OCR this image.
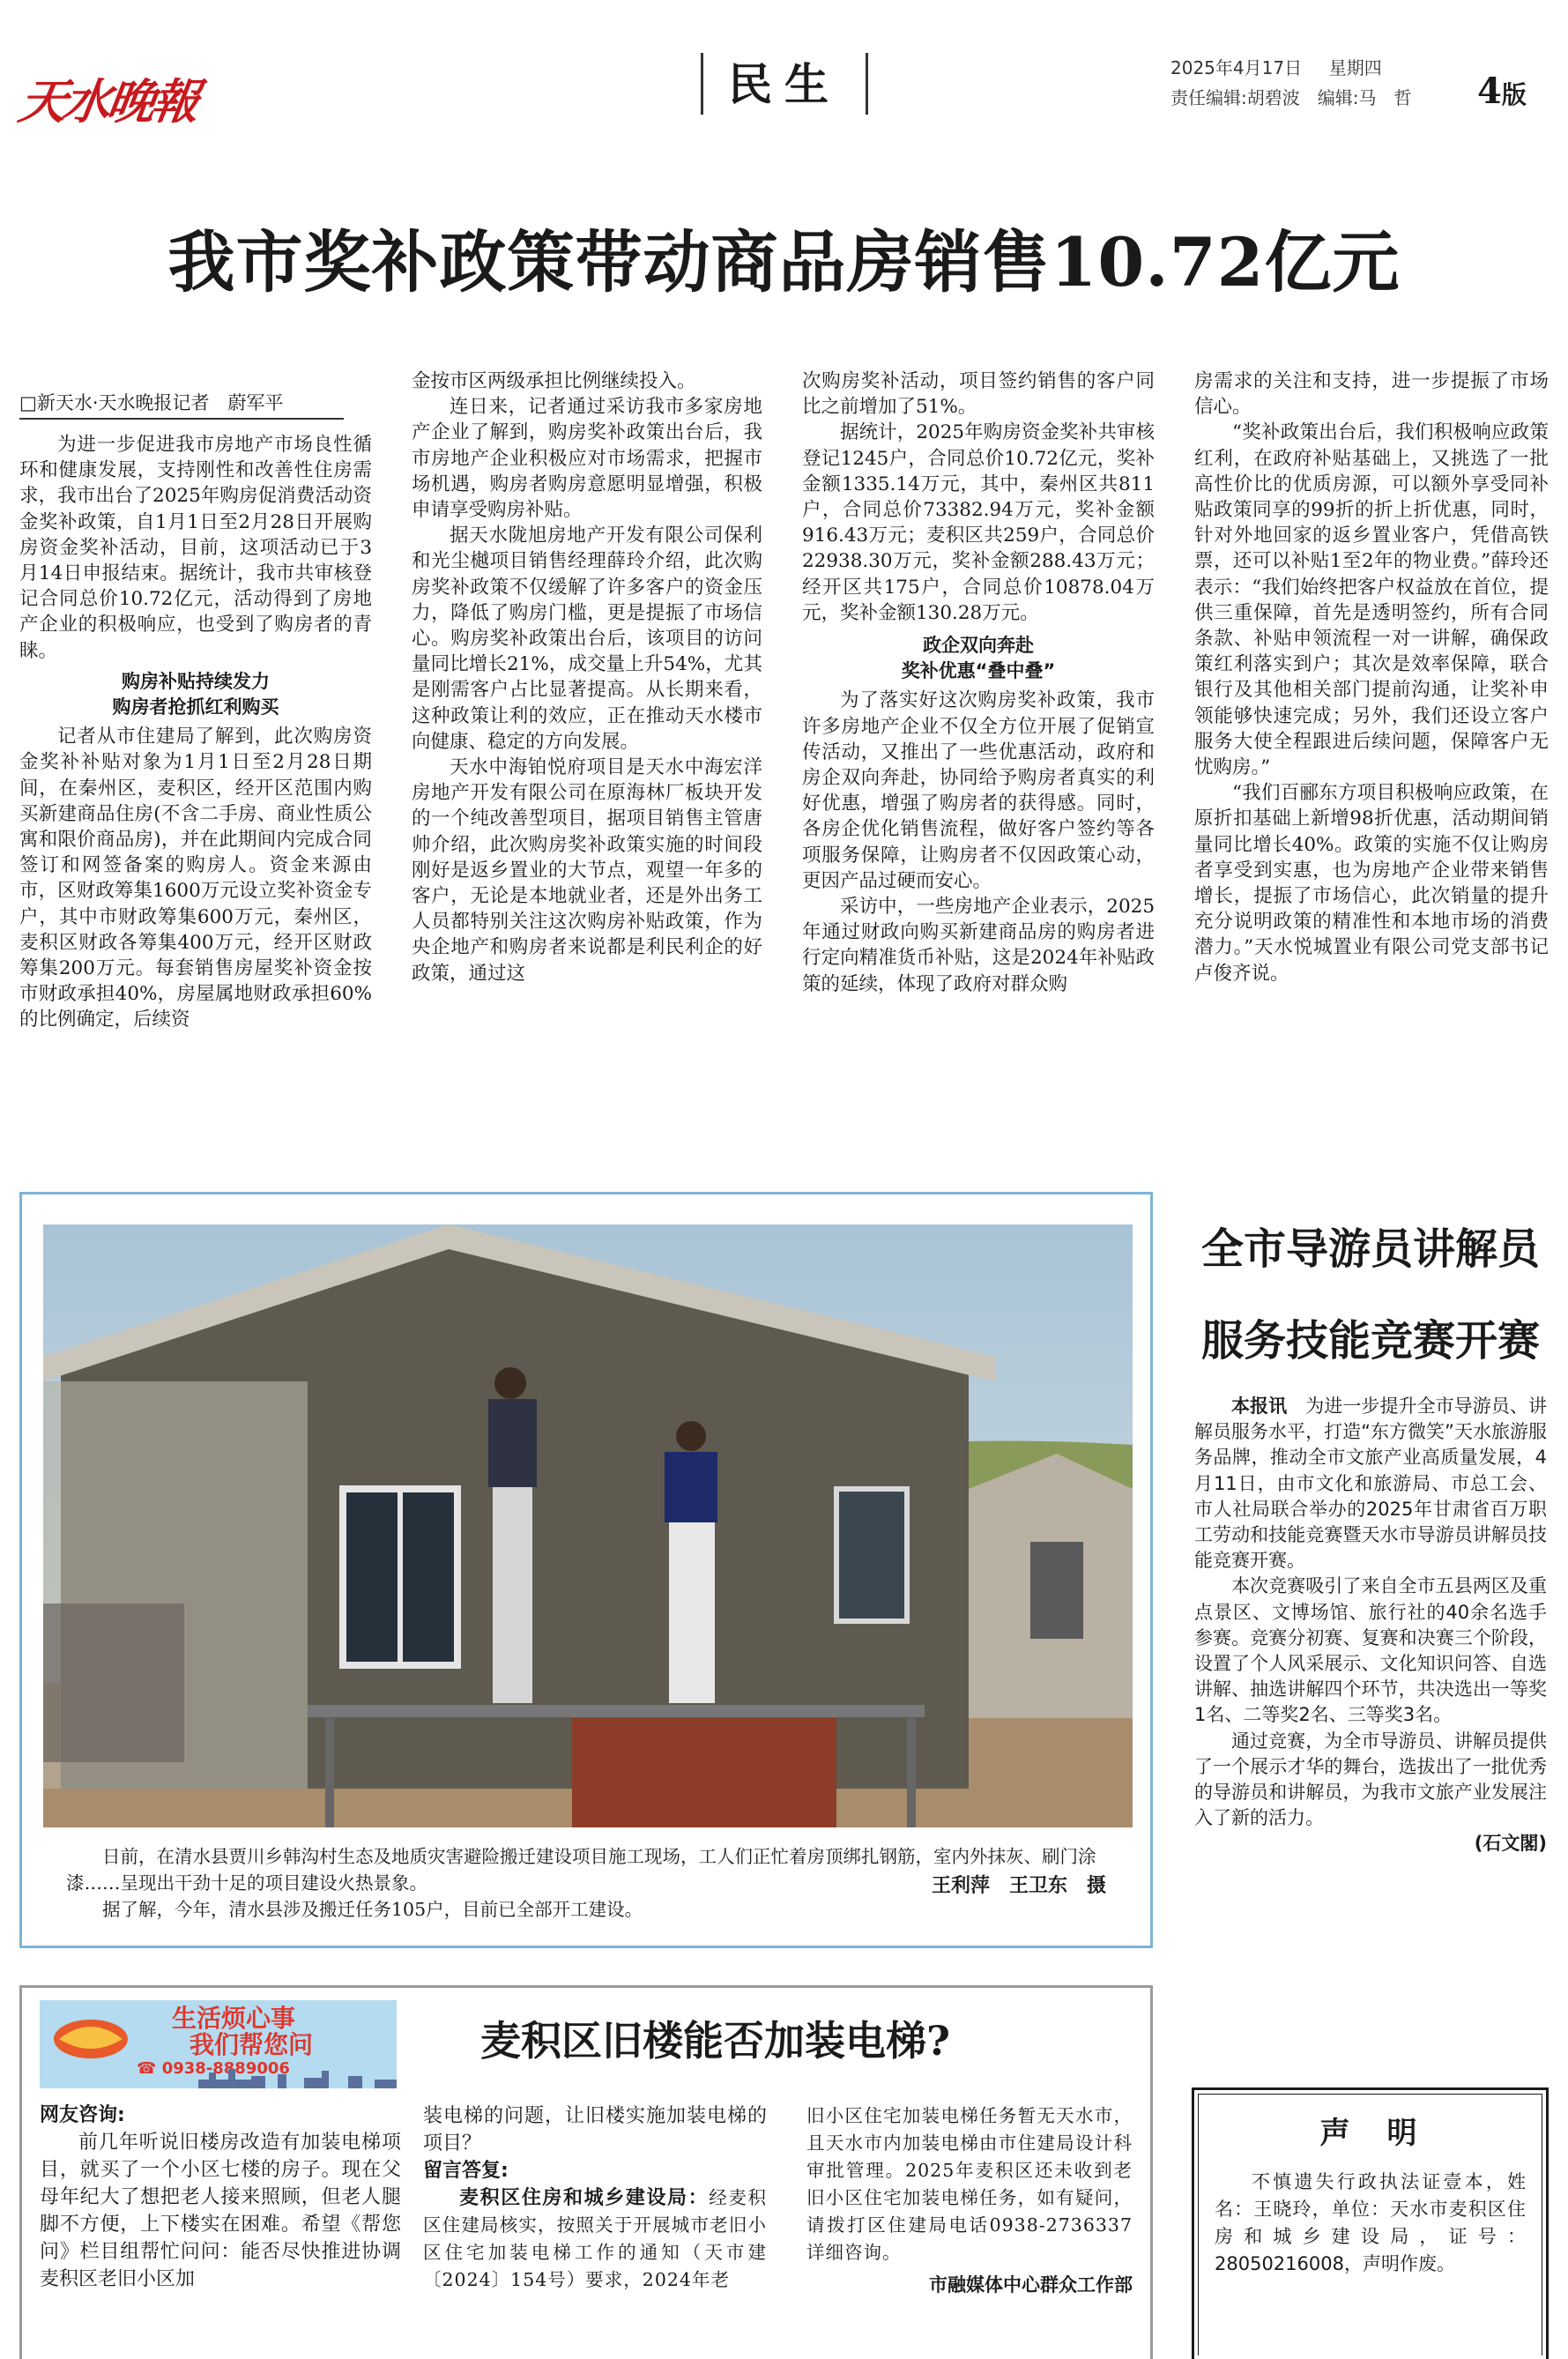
天水晚報	民生	2025年4月17日 星期四
责任编辑:胡碧波　编辑:马　哲 4版
我市奖补政策带动商品房销售10.72亿元
□新天水·天水晚报记者　蔚军平

为进一步促进我市房地产市场良性循环和健康发展，支持刚性和改善性住房需求，我市出台了2025年购房促消费活动资金奖补政策，自1月1日至2月28日开展购房资金奖补活动，目前，这项活动已于3月14日申报结束。据统计，我市共审核登记合同总价10.72亿元，活动得到了房地产企业的积极响应，也受到了购房者的青睐。

购房补贴持续发力

购房者抢抓红利购买

记者从市住建局了解到，此次购房资金奖补补贴对象为1月1日至2月28日期间，在秦州区，麦积区，经开区范围内购买新建商品住房(不含二手房、商业性质公寓和限价商品房)，并在此期间内完成合同签订和网签备案的购房人。资金来源由市，区财政筹集1600万元设立奖补资金专户，其中市财政筹集600万元，秦州区，麦积区财政各筹集400万元，经开区财政筹集200万元。每套销售房屋奖补资金按市财政承担40%，房屋属地财政承担60%的比例确定，后续资

金按市区两级承担比例继续投入。

连日来，记者通过采访我市多家房地产企业了解到，购房奖补政策出台后，我市房地产企业积极应对市场需求，把握市场机遇，购房者购房意愿明显增强，积极申请享受购房补贴。

据天水陇旭房地产开发有限公司保利和光尘樾项目销售经理薛玲介绍，此次购房奖补政策不仅缓解了许多客户的资金压力，降低了购房门槛，更是提振了市场信心。购房奖补政策出台后，该项目的访问量同比增长21%，成交量上升54%，尤其是刚需客户占比显著提高。从长期来看，这种政策让利的效应，正在推动天水楼市向健康、稳定的方向发展。

天水中海铂悦府项目是天水中海宏洋房地产开发有限公司在原海林厂板块开发的一个纯改善型项目，据项目销售主管唐帅介绍，此次购房奖补政策实施的时间段刚好是返乡置业的大节点，观望一年多的客户，无论是本地就业者，还是外出务工人员都特别关注这次购房补贴政策，作为央企地产和购房者来说都是利民利企的好政策，通过这

次购房奖补活动，项目签约销售的客户同比之前增加了51%。

据统计，2025年购房资金奖补共审核登记1245户，合同总价10.72亿元，奖补金额1335.14万元，其中，秦州区共811户，合同总价73382.94万元，奖补金额916.43万元；麦积区共259户，合同总价22938.30万元，奖补金额288.43万元；经开区共175户，合同总价10878.04万元，奖补金额130.28万元。

政企双向奔赴

奖补优惠“叠中叠”

为了落实好这次购房奖补政策，我市许多房地产企业不仅全方位开展了促销宣传活动，又推出了一些优惠活动，政府和房企双向奔赴，协同给予购房者真实的利好优惠，增强了购房者的获得感。同时，各房企优化销售流程，做好客户签约等各项服务保障，让购房者不仅因政策心动，更因产品过硬而安心。

采访中，一些房地产企业表示，2025年通过财政向购买新建商品房的购房者进行定向精准货币补贴，这是2024年补贴政策的延续，体现了政府对群众购

房需求的关注和支持，进一步提振了市场信心。

“奖补政策出台后，我们积极响应政策红利，在政府补贴基础上，又挑选了一批高性价比的优质房源，可以额外享受同补贴政策同享的99折的折上折优惠，同时，针对外地回家的返乡置业客户，凭借高铁票，还可以补贴1至2年的物业费。”薛玲还表示：“我们始终把客户权益放在首位，提供三重保障，首先是透明签约，所有合同条款、补贴申领流程一对一讲解，确保政策红利落实到户；其次是效率保障，联合银行及其他相关部门提前沟通，让奖补申领能够快速完成；另外，我们还设立客户服务大使全程跟进后续问题，保障客户无忧购房。”

“我们百郦东方项目积极响应政策，在原折扣基础上新增98折优惠，活动期间销量同比增长40%。政策的实施不仅让购房者享受到实惠，也为房地产企业带来销售增长，提振了市场信心，此次销量的提升充分说明政策的精准性和本地市场的消费潜力。”天水悦城置业有限公司党支部书记卢俊齐说。

日前，在清水县贾川乡韩沟村生态及地质灾害避险搬迁建设项目施工现场，工人们正忙着房顶绑扎钢筋，室内外抹灰、刷门涂漆……呈现出干劲十足的项目建设火热景象。

据了解，今年，清水县涉及搬迁任务105户，目前已全部开工建设。

王利萍　王卫东　摄
全市导游员讲解员
服务技能竞赛开赛

本报讯　 为进一步提升全市导游员、讲解员服务水平，打造“东方微笑”天水旅游服务品牌，推动全市文旅产业高质量发展，4月11日，由市文化和旅游局、市总工会、市人社局联合举办的2025年甘肃省百万职工劳动和技能竞赛暨天水市导游员讲解员技能竞赛开赛。

本次竞赛吸引了来自全市五县两区及重点景区、文博场馆、旅行社的40余名选手参赛。竞赛分初赛、复赛和决赛三个阶段，设置了个人风采展示、文化知识问答、自选讲解、抽选讲解四个环节，共决选出一等奖1名、二等奖2名、三等奖3名。

通过竞赛，为全市导游员、讲解员提供了一个展示才华的舞台，选拔出了一批优秀的导游员和讲解员，为我市文旅产业发展注入了新的活力。

(石文閣)

生活烦心事
我们帮您问
☎ 0938-8889006
麦积区旧楼能否加装电梯?

网友咨询:

前几年听说旧楼房改造有加装电梯项目，就买了一个小区七楼的房子。现在父母年纪大了想把老人接来照顾，但老人腿脚不方便，上下楼实在困难。希望《帮您问》栏目组帮忙问问：能否尽快推进协调麦积区老旧小区加

装电梯的问题，让旧楼实施加装电梯的项目？

留言答复:

麦积区住房和城乡建设局：经麦积区住建局核实，按照关于开展城市老旧小区住宅加装电梯工作的通知（天市建〔2024〕154号）要求，2024年老

旧小区住宅加装电梯任务暂无天水市，且天水市内加装电梯由市住建局设计科审批管理。2025年麦积区还未收到老旧小区住宅加装电梯任务，如有疑问，请拨打区住建局电话0938-2736337详细咨询。

市融媒体中心群众工作部

声　明

不慎遗失行政执法证壹本，姓名：王晓玲，单位：天水市麦积区住房和城乡建设局，证号：28050216008，声明作废。
